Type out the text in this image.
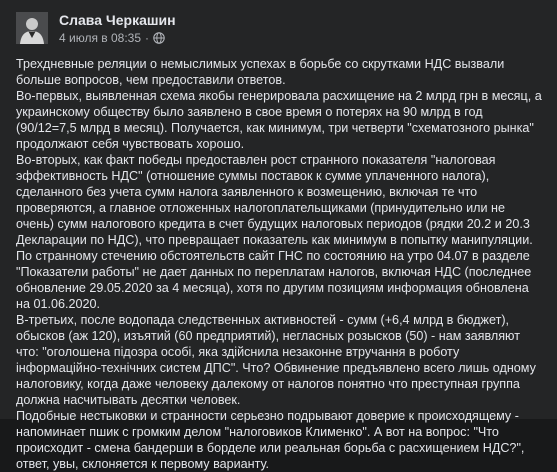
Слава Черкашин
4 июля в 08:35 ·

Трехдневные реляции о немыслимых успехах в борьбе со скрутками НДС вызвали больше вопросов, чем предоставили ответов.

Во-первых, выявленная схема якобы генерировала расхищение на 2 млрд грн в месяц, а украинскому обществу было заявлено в свое время о потерях на 90 млрд в год (90/12=7,5 млрд в месяц). Получается, как минимум, три четверти "схематозного рынка" продолжают себя чувствовать хорошо.

Во-вторых, как факт победы предоставлен рост странного показателя "налоговая эффективность НДС" (отношение суммы поставок к сумме уплаченного налога), сделанного без учета сумм налога заявленного к возмещению, включая те что проверяются, а главное отложенных налогоплательщиками (принудительно или не очень) сумм налогового кредита в счет будущих налоговых периодов (рядки 20.2 и 20.3 Декларации по НДС), что превращает показатель как минимум в попытку манипуляции. По странному стечению обстоятельств сайт ГНС по состоянию на утро 04.07 в разделе "Показатели работы" не дает данных по переплатам налогов, включая НДС (последнее обновление 29.05.2020 за 4 месяца), хотя по другим позициям информация обновлена на 01.06.2020.

В-третьих, после водопада следственных активностей - сумм (+6,4 млрд в бюджет), обысков (аж 120), изъятий (60 предприятий), негласных розысков (50) - нам заявляют что: "оголошена підозра особі, яка здійснила незаконне втручання в роботу інформаційно-технічних систем ДПС". Что? Обвинение предъявлено всего лишь одному налоговику, когда даже человеку далекому от налогов понятно что преступная группа должна насчитывать десятки человек.

Подобные нестыковки и странности серьезно подрывают доверие к происходящему - напоминает пшик с громким делом "налоговиков Клименко". А вот на вопрос: "Что происходит - смена бандерши в борделе или реальная борьба с расхищением НДС?", ответ, увы, склоняется к первому варианту.
